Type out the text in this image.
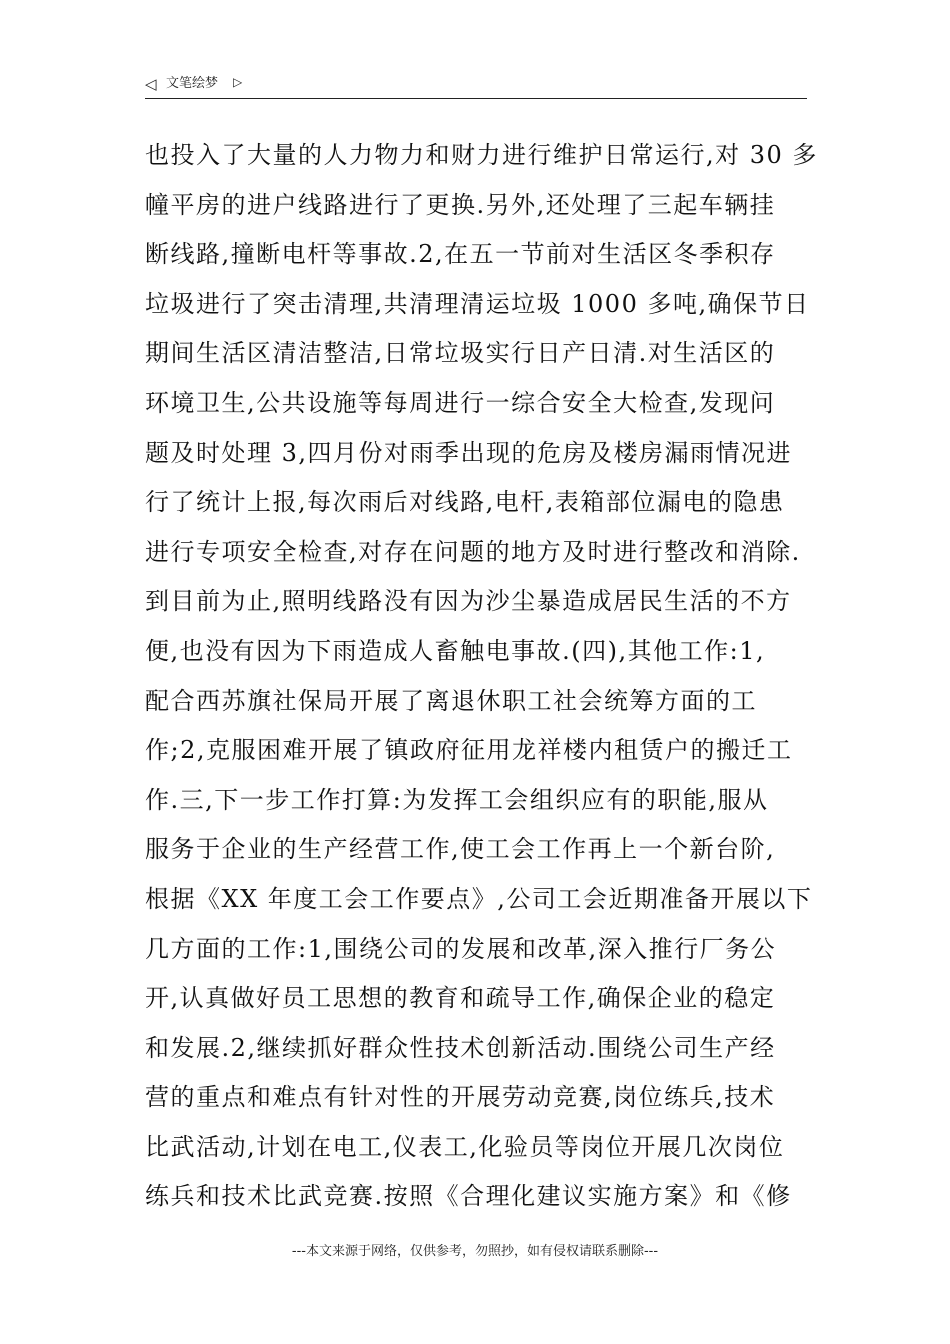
◁ 文笔绘梦 ▷
也投入了大量的人力物力和财力进行维护日常运行,对 30 多
幢平房的进户线路进行了更换.另外,还处理了三起车辆挂
断线路,撞断电杆等事故.2,在五一节前对生活区冬季积存
垃圾进行了突击清理,共清理清运垃圾 1000 多吨,确保节日
期间生活区清洁整洁,日常垃圾实行日产日清.对生活区的
环境卫生,公共设施等每周进行一综合安全大检查,发现问
题及时处理 3,四月份对雨季出现的危房及楼房漏雨情况进
行了统计上报,每次雨后对线路,电杆,表箱部位漏电的隐患
进行专项安全检查,对存在问题的地方及时进行整改和消除.
到目前为止,照明线路没有因为沙尘暴造成居民生活的不方
便,也没有因为下雨造成人畜触电事故.(四),其他工作:1,
配合西苏旗社保局开展了离退休职工社会统筹方面的工
作;2,克服困难开展了镇政府征用龙祥楼内租赁户的搬迁工
作.三,下一步工作打算:为发挥工会组织应有的职能,服从
服务于企业的生产经营工作,使工会工作再上一个新台阶,
根据《XX 年度工会工作要点》,公司工会近期准备开展以下
几方面的工作:1,围绕公司的发展和改革,深入推行厂务公
开,认真做好员工思想的教育和疏导工作,确保企业的稳定
和发展.2,继续抓好群众性技术创新活动.围绕公司生产经
营的重点和难点有针对性的开展劳动竞赛,岗位练兵,技术
比武活动,计划在电工,仪表工,化验员等岗位开展几次岗位
练兵和技术比武竞赛.按照《合理化建议实施方案》和《修
---本文来源于网络，仅供参考，勿照抄，如有侵权请联系删除---
